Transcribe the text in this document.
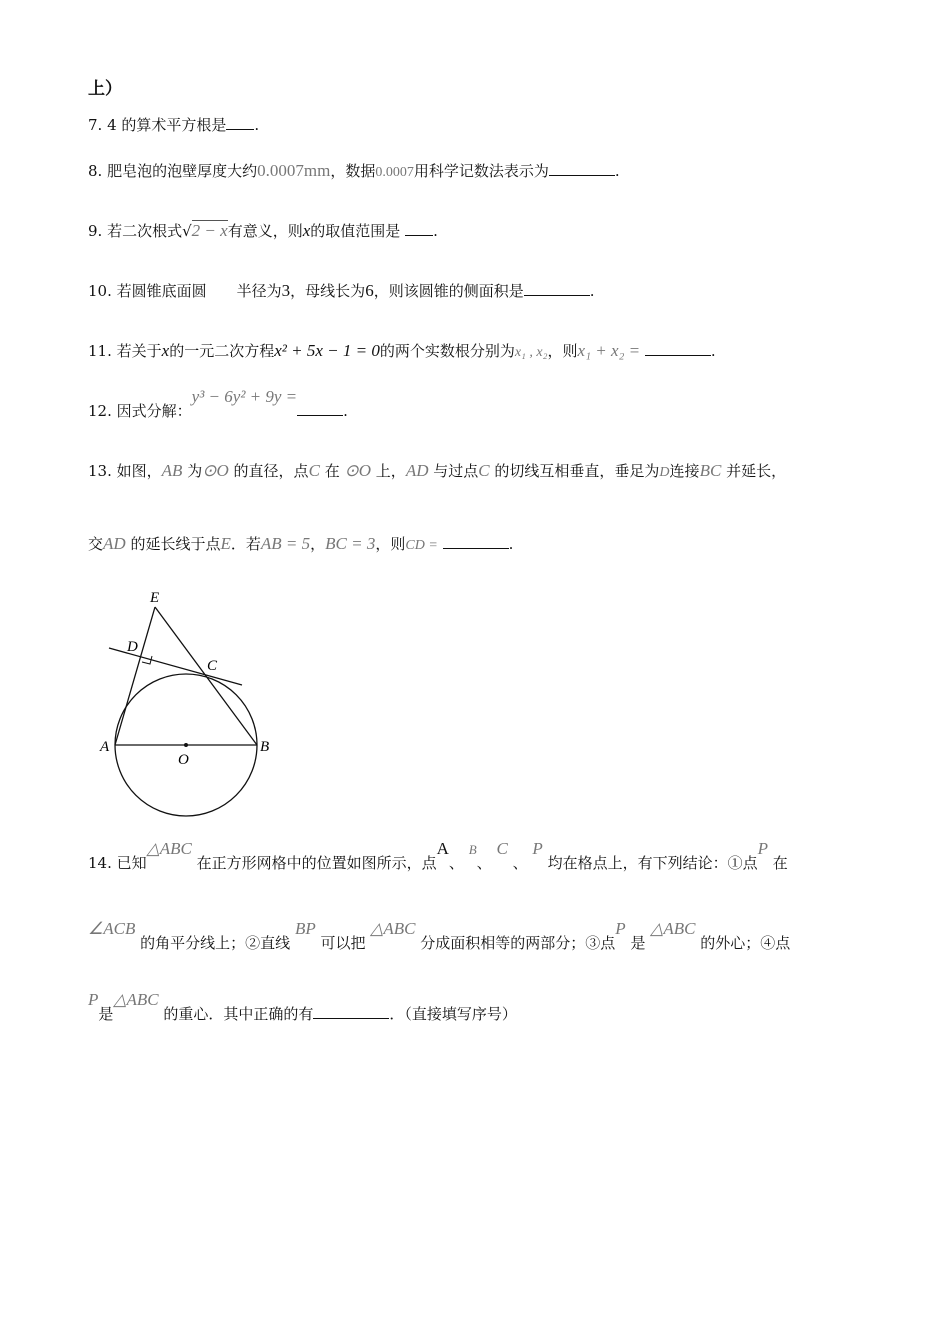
上）
7. 4 的算术平方根是 .
8. 肥皂泡的泡壁厚度大约0.0007mm，数据0.0007用科学记数法表示为	.
9. 若二次根式√2 − x有意义，则x的取值范围是 .
10. 若圆锥底面圆 半径为3，母线长为6，则该圆锥的侧面积是	.
11. 若关于x的一元二次方程x² + 5x − 1 = 0的两个实数根分别为x₁ , x₂，则x₁ + x₂ =	.
12. 因式分解：y³ − 6y² + 9y =.
13. 如图，AB 为⊙O 的直径，点C 在 ⊙O 上，AD 与过点C 的切线互相垂直，垂足为D连接BC 并延长，
交AD 的延长线于点E．若AB = 5，BC = 3，则CD =	.
E
D
C
A
O
B
14. 已知△ABC 在正方形网格中的位置如图所示，点A、 B、 C 、 P 均在格点上，有下列结论：①点P 在
∠ACB 的角平分线上；②直线 BP 可以把 △ABC 分成面积相等的两部分；③点P 是 △ABC 的外心；④点
P是△ABC 的重心．其中正确的有	．（直接填写序号）
